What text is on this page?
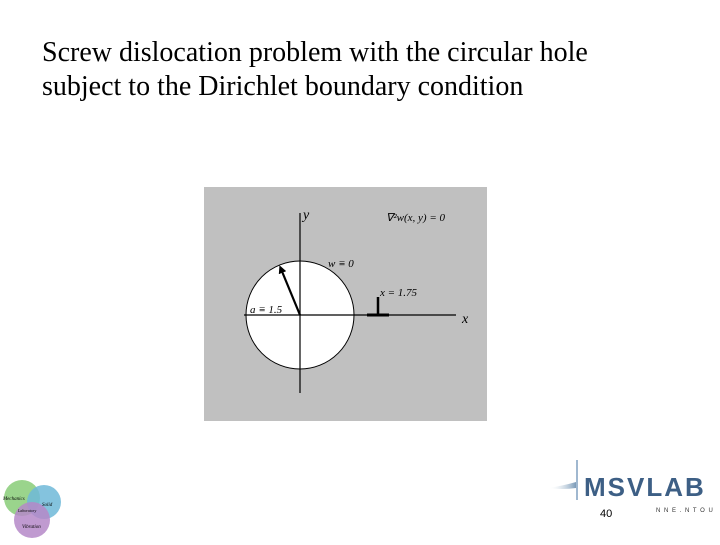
Screw dislocation problem with the circular hole
subject to the Dirichlet boundary condition
y
x
∇²w(x, y) = 0
w ≡ 0
a ≡ 1.5
x = 1.75
Mechanics
Solid
Laboratory
Vibration
MSVLAB
N N E . N T O U
40
